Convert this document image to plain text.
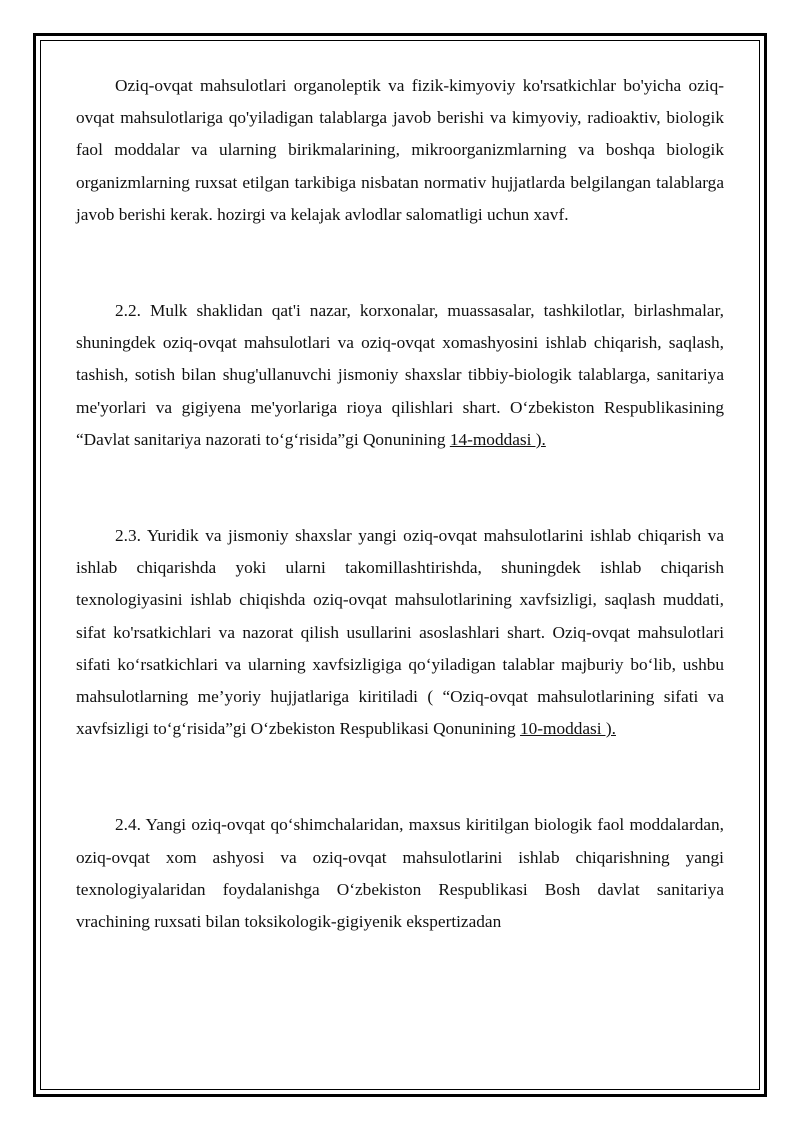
Oziq-ovqat mahsulotlari organoleptik va fizik-kimyoviy ko'rsatkichlar bo'yicha oziq-ovqat mahsulotlariga qo'yiladigan talablarga javob berishi va kimyoviy, radioaktiv, biologik faol moddalar va ularning birikmalarining, mikroorganizmlarning va boshqa biologik organizmlarning ruxsat etilgan tarkibiga nisbatan normativ hujjatlarda belgilangan talablarga javob berishi kerak. hozirgi va kelajak avlodlar salomatligi uchun xavf.

2.2. Mulk shaklidan qat'i nazar, korxonalar, muassasalar, tashkilotlar, birlashmalar, shuningdek oziq-ovqat mahsulotlari va oziq-ovqat xomashyosini ishlab chiqarish, saqlash, tashish, sotish bilan shug'ullanuvchi jismoniy shaxslar tibbiy-biologik talablarga, sanitariya me'yorlari va gigiyena me'yorlariga rioya qilishlari shart. O‘zbekiston Respublikasining “Davlat sanitariya nazorati to‘g‘risida”gi Qonunining 14-moddasi ).

2.3. Yuridik va jismoniy shaxslar yangi oziq-ovqat mahsulotlarini ishlab chiqarish va ishlab chiqarishda yoki ularni takomillashtirishda, shuningdek ishlab chiqarish texnologiyasini ishlab chiqishda oziq-ovqat mahsulotlarining xavfsizligi, saqlash muddati, sifat ko'rsatkichlari va nazorat qilish usullarini asoslashlari shart. Oziq-ovqat mahsulotlari sifati ko‘rsatkichlari va ularning xavfsizligiga qo‘yiladigan talablar majburiy bo‘lib, ushbu mahsulotlarning me’yoriy hujjatlariga kiritiladi ( “Oziq-ovqat mahsulotlarining sifati va xavfsizligi to‘g‘risida”gi O‘zbekiston Respublikasi Qonunining 10-moddasi ).

2.4. Yangi oziq-ovqat qo‘shimchalaridan, maxsus kiritilgan biologik faol moddalardan, oziq-ovqat xom ashyosi va oziq-ovqat mahsulotlarini ishlab chiqarishning yangi texnologiyalaridan foydalanishga O‘zbekiston Respublikasi Bosh davlat sanitariya vrachining ruxsati bilan toksikologik-gigiyenik ekspertizadan
